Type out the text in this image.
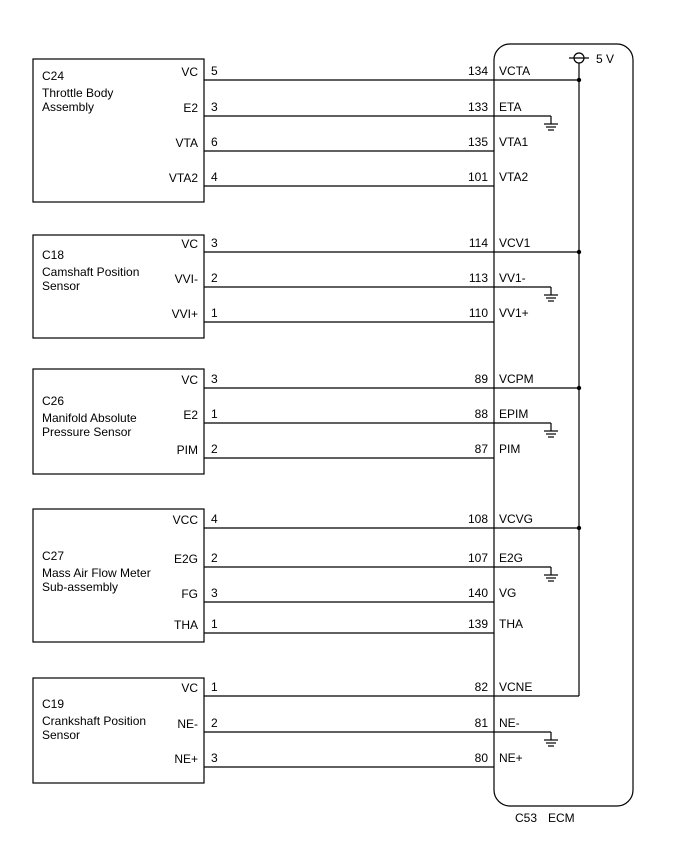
C24
Throttle Body
Assembly
VC 5	134 VCTA
E2 3	133 ETA
VTA 6	135 VTA1
VTA2 4	101 VTA2
C18
Camshaft Position
Sensor
VC 3	114 VCV1
VVI- 2	113 VV1-
VVI+ 1	110 VV1+
C26
Manifold Absolute
Pressure Sensor
VC 3	89 VCPM
E2 1	88 EPIM
PIM 2	87 PIM
C27
Mass Air Flow Meter
Sub-assembly
VCC 4	108 VCVG
E2G 2	107 E2G
FG 3	140 VG
THA 1	139 THA
C19
Crankshaft Position
Sensor
VC 1	82 VCNE
NE- 2	81 NE-
NE+ 3	80 NE+
C53 ECM
5 V
